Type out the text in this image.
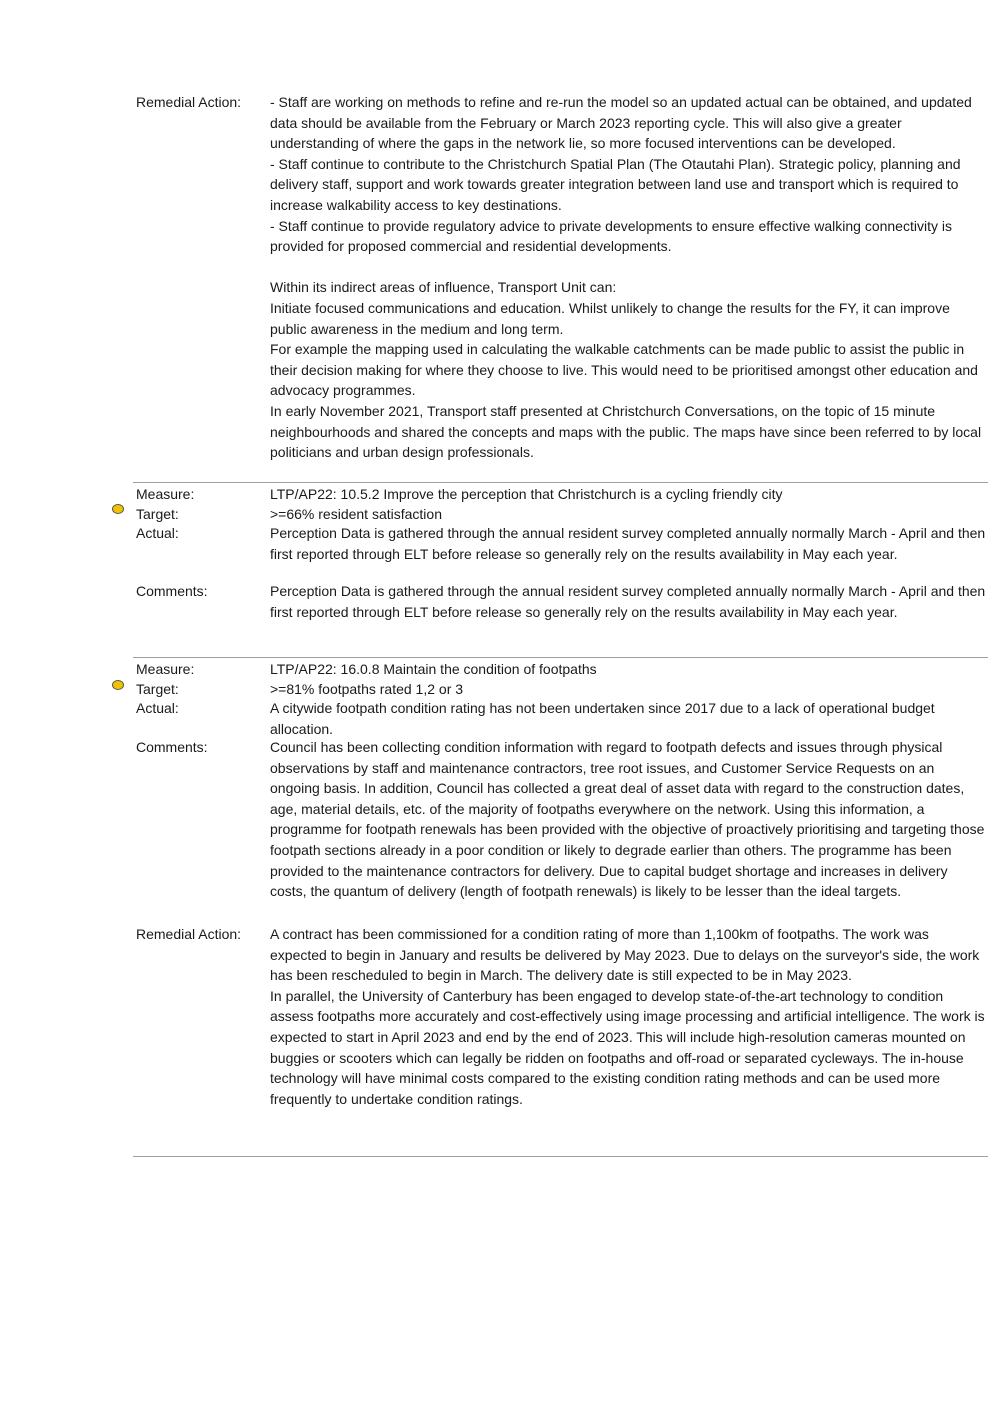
Remedial Action:	- Staff are working on methods to refine and re-run the model so an updated actual can be obtained, and updated data should be available from the February or March 2023 reporting cycle. This will also give a greater understanding of where the gaps in the network lie, so more focused interventions can be developed.

- Staff continue to contribute to the Christchurch Spatial Plan (The Otautahi Plan). Strategic policy, planning and delivery staff, support and work towards greater integration between land use and transport which is required to increase walkability access to key destinations.

- Staff continue to provide regulatory advice to private developments to ensure effective walking connectivity is provided for proposed commercial and residential developments.

Within its indirect areas of influence, Transport Unit can:

Initiate focused communications and education. Whilst unlikely to change the results for the FY, it can improve public awareness in the medium and long term.

For example the mapping used in calculating the walkable catchments can be made public to assist the public in their decision making for where they choose to live. This would need to be prioritised amongst other education and advocacy programmes.

In early November 2021, Transport staff presented at Christchurch Conversations, on the topic of 15 minute neighbourhoods and shared the concepts and maps with the public. The maps have since been referred to by local politicians and urban design professionals.

Measure:	LTP/AP22: 10.5.2 Improve the perception that Christchurch is a cycling friendly city
Target:	>=66% resident satisfaction
Actual:	Perception Data is gathered through the annual resident survey completed annually normally March - April and then first reported through ELT before release so generally rely on the results availability in May each year.
Comments:	Perception Data is gathered through the annual resident survey completed annually normally March - April and then first reported through ELT before release so generally rely on the results availability in May each year.
Measure:	LTP/AP22: 16.0.8 Maintain the condition of footpaths
Target:	>=81% footpaths rated 1,2 or 3
Actual:	A citywide footpath condition rating has not been undertaken since 2017 due to a lack of operational budget allocation.
Comments:	Council has been collecting condition information with regard to footpath defects and issues through physical observations by staff and maintenance contractors, tree root issues, and Customer Service Requests on an ongoing basis. In addition, Council has collected a great deal of asset data with regard to the construction dates, age, material details, etc. of the majority of footpaths everywhere on the network. Using this information, a programme for footpath renewals has been provided with the objective of proactively prioritising and targeting those footpath sections already in a poor condition or likely to degrade earlier than others. The programme has been provided to the maintenance contractors for delivery. Due to capital budget shortage and increases in delivery costs, the quantum of delivery (length of footpath renewals) is likely to be lesser than the ideal targets.
Remedial Action:	A contract has been commissioned for a condition rating of more than 1,100km of footpaths. The work was expected to begin in January and results be delivered by May 2023. Due to delays on the surveyor's side, the work has been rescheduled to begin in March. The delivery date is still expected to be in May 2023.

In parallel, the University of Canterbury has been engaged to develop state-of-the-art technology to condition assess footpaths more accurately and cost-effectively using image processing and artificial intelligence. The work is expected to start in April 2023 and end by the end of 2023. This will include high-resolution cameras mounted on buggies or scooters which can legally be ridden on footpaths and off-road or separated cycleways. The in-house technology will have minimal costs compared to the existing condition rating methods and can be used more frequently to undertake condition ratings.
